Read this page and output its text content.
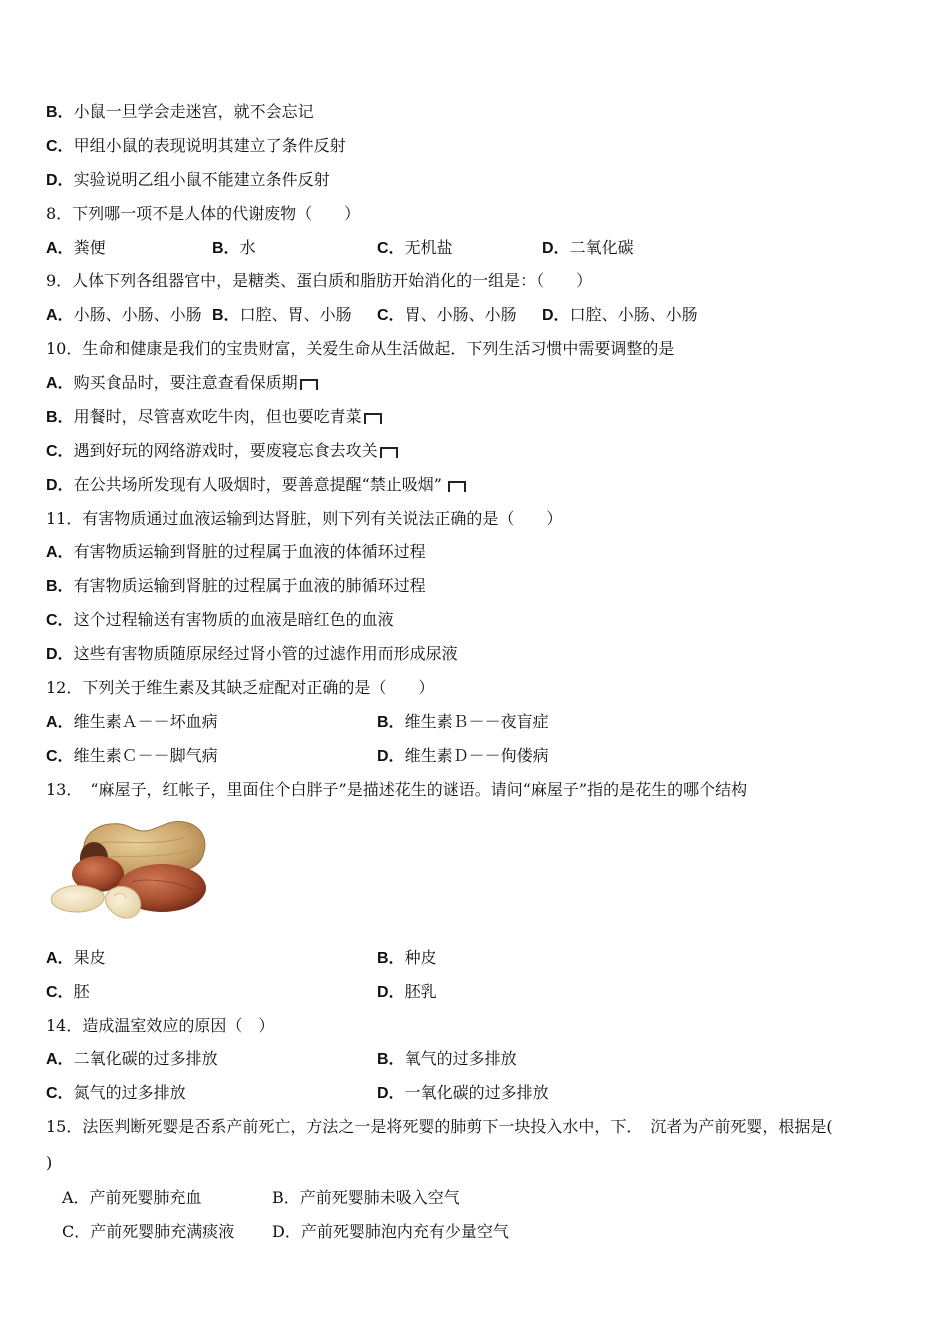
B．小鼠一旦学会走迷宫，就不会忘记
C．甲组小鼠的表现说明其建立了条件反射
D．实验说明乙组小鼠不能建立条件反射
8．下列哪一项不是人体的代谢废物（　　）
A．粪便	B．水	C．无机盐	D．二氧化碳
9．人体下列各组器官中，是糖类、蛋白质和脂肪开始消化的一组是：（　　）
A．小肠、小肠、小肠 B．口腔、胃、小肠 C．胃、小肠、小肠 D．口腔、小肠、小肠
10．生命和健康是我们的宝贵财富，关爱生命从生活做起．下列生活习惯中需要调整的是
A．购买食品时，要注意查看保质期
B．用餐时，尽管喜欢吃牛肉，但也要吃青菜
C．遇到好玩的网络游戏时，要废寝忘食去攻关
D．在公共场所发现有人吸烟时，要善意提醒“禁止吸烟”
11．有害物质通过血液运输到达肾脏，则下列有关说法正确的是（　　）
A．有害物质运输到肾脏的过程属于血液的体循环过程
B．有害物质运输到肾脏的过程属于血液的肺循环过程
C．这个过程输送有害物质的血液是暗红色的血液
D．这些有害物质随原尿经过肾小管的过滤作用而形成尿液
12．下列关于维生素及其缺乏症配对正确的是（　　）
A．维生素Ａ－－坏血病	B．维生素Ｂ－－夜盲症
C．维生素Ｃ－－脚气病	D．维生素Ｄ－－佝偻病
13．　“麻屋子，红帐子，里面住个白胖子”是描述花生的谜语。请问“麻屋子”指的是花生的哪个结构
A．果皮	B．种皮
C．胚	D．胚乳
14．造成温室效应的原因（　）
A．二氧化碳的过多排放	B．氧气的过多排放
C．氮气的过多排放	D．一氧化碳的过多排放
15．法医判断死婴是否系产前死亡，方法之一是将死婴的肺剪下一块投入水中，下．　沉者为产前死婴，根据是(
)
A．产前死婴肺充血	B．产前死婴肺未吸入空气
C．产前死婴肺充满痰液 D．产前死婴肺泡内充有少量空气
